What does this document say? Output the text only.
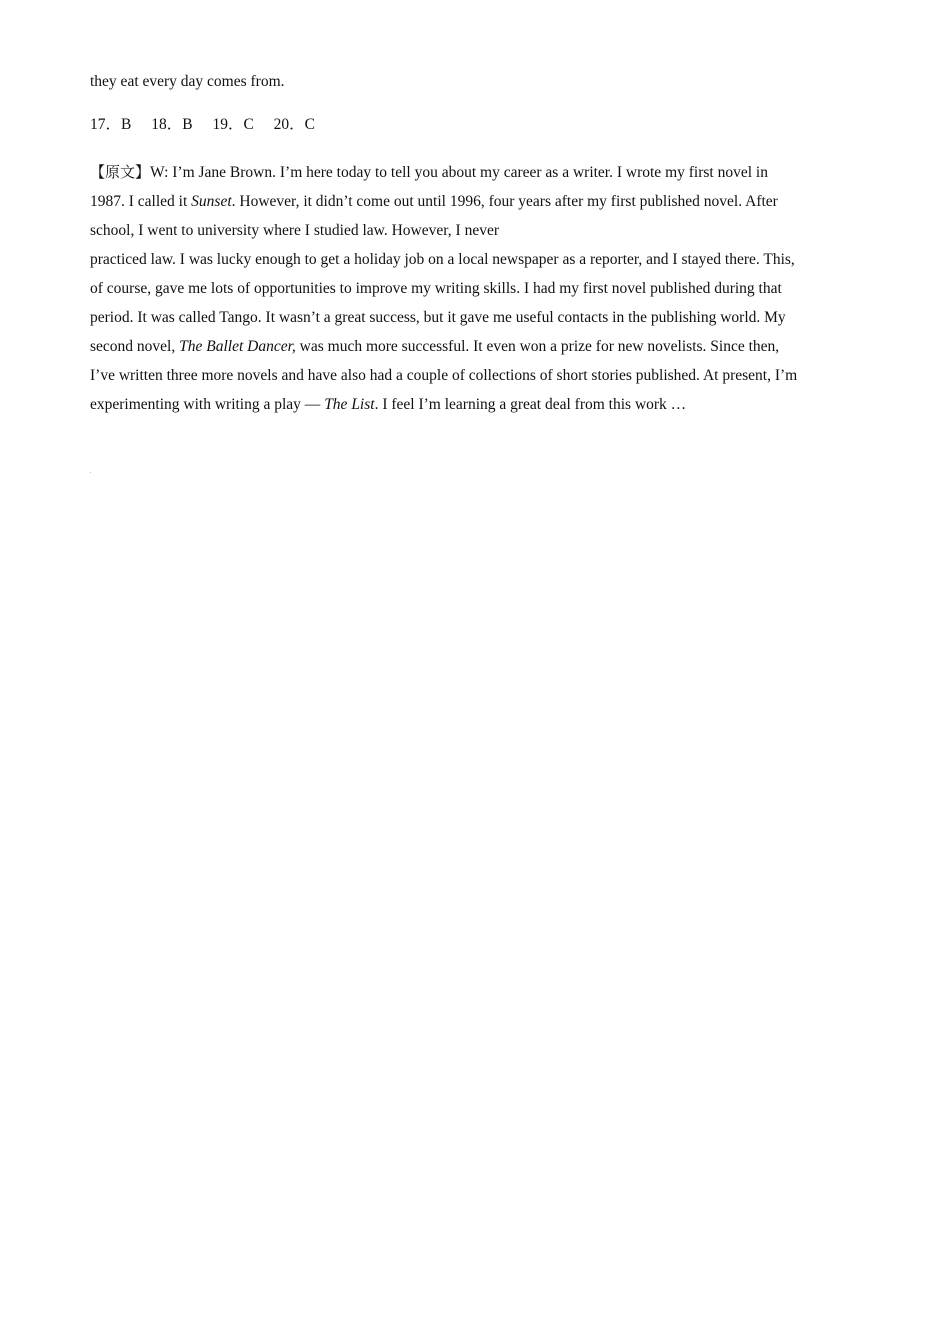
they eat every day comes from.
17．B 18．B 19．C 20．C
【原文】W: I’m Jane Brown. I’m here today to tell you about my career as a writer. I wrote my first novel in
1987. I called it Sunset. However, it didn’t come out until 1996, four years after my first published novel. After
school, I went to university where I studied law. However, I never
practiced law. I was lucky enough to get a holiday job on a local newspaper as a reporter, and I stayed there. This,
of course, gave me lots of opportunities to improve my writing skills. I had my first novel published during that
period. It was called Tango. It wasn’t a great success, but it gave me useful contacts in the publishing world. My
second novel, The Ballet Dancer, was much more successful. It even won a prize for new novelists. Since then,
I’ve written three more novels and have also had a couple of collections of short stories published. At present, I’m
experimenting with writing a play — The List. I feel I’m learning a great deal from this work …
